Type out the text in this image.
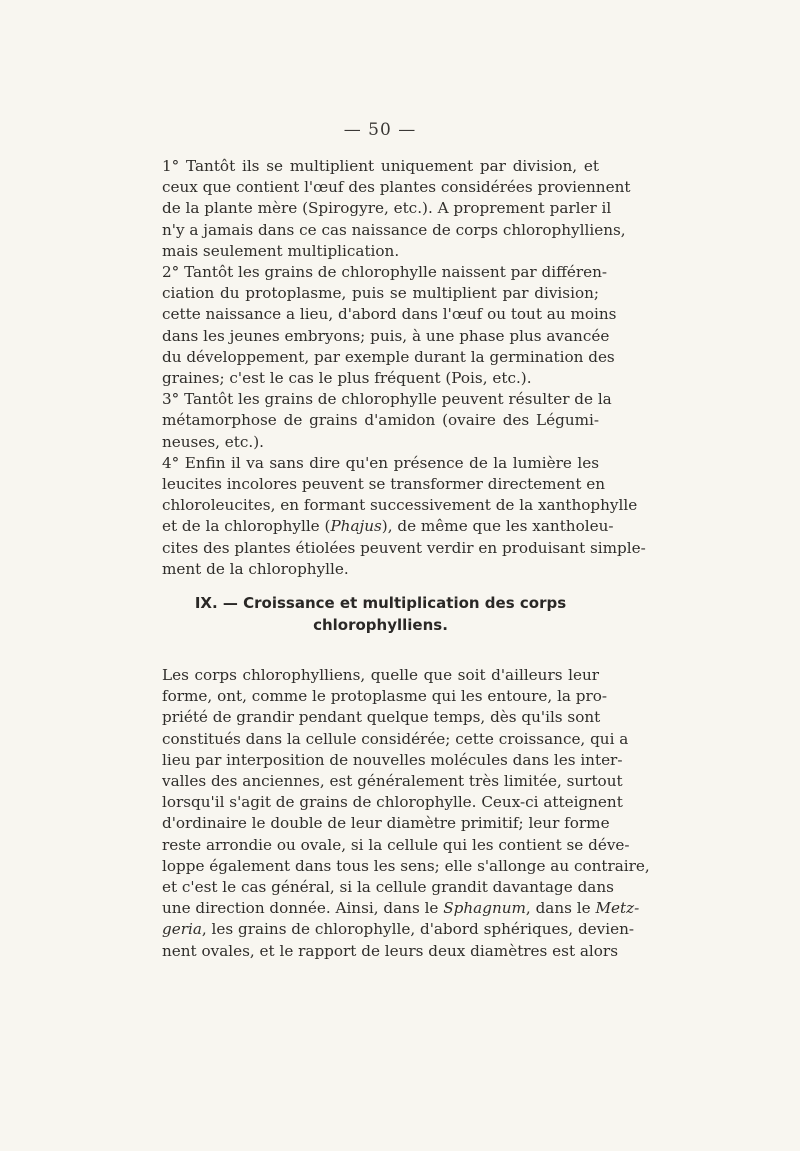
— 50 —

1° Tantôt ils se multiplient uniquement par division, et
ceux que contient l'œuf des plantes considérées proviennent
de la plante mère (Spirogyre, etc.). A proprement parler il
n'y a jamais dans ce cas naissance de corps chlorophylliens,
mais seulement multiplication.

2° Tantôt les grains de chlorophylle naissent par différen-
ciation du protoplasme, puis se multiplient par division;
cette naissance a lieu, d'abord dans l'œuf ou tout au moins
dans les jeunes embryons; puis, à une phase plus avancée
du développement, par exemple durant la germination des
graines; c'est le cas le plus fréquent (Pois, etc.).

3° Tantôt les grains de chlorophylle peuvent résulter de la
métamorphose de grains d'amidon (ovaire des Légumi-
neuses, etc.).

4° Enfin il va sans dire qu'en présence de la lumière les
leucites incolores peuvent se transformer directement en
chloroleucites, en formant successivement de la xanthophylle
et de la chlorophylle (Phajus), de même que les xantholeu-
cites des plantes étiolées peuvent verdir en produisant simple-
ment de la chlorophylle.

IX. — Croissance et multiplication des corps
chlorophylliens.

Les corps chlorophylliens, quelle que soit d'ailleurs leur
forme, ont, comme le protoplasme qui les entoure, la pro-
priété de grandir pendant quelque temps, dès qu'ils sont
constitués dans la cellule considérée; cette croissance, qui a
lieu par interposition de nouvelles molécules dans les inter-
valles des anciennes, est généralement très limitée, surtout
lorsqu'il s'agit de grains de chlorophylle. Ceux-ci atteignent
d'ordinaire le double de leur diamètre primitif; leur forme
reste arrondie ou ovale, si la cellule qui les contient se déve-
loppe également dans tous les sens; elle s'allonge au contraire,
et c'est le cas général, si la cellule grandit davantage dans
une direction donnée. Ainsi, dans le Sphagnum, dans le Metz-
geria, les grains de chlorophylle, d'abord sphériques, devien-
nent ovales, et le rapport de leurs deux diamètres est alors
